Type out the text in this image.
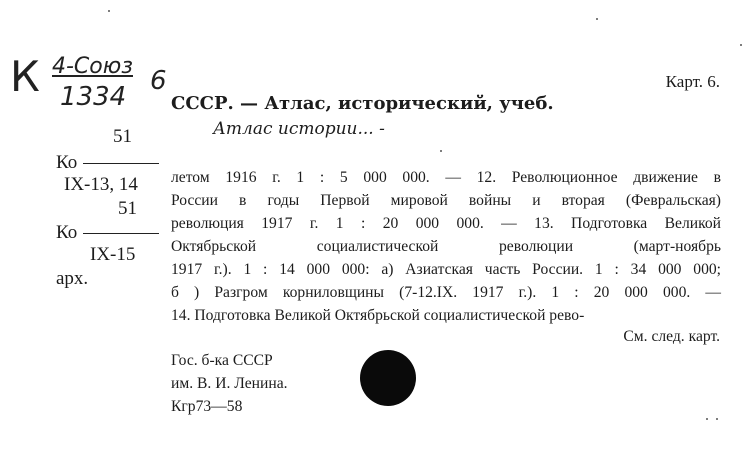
К 4-Союз
1334
6	Карт. 6.
СССР. — Атлас, исторический, учеб.
Атлас истории... -
51
Ко
IX-13, 14
51
Ко
IX-15
арх.
летом 1916 г. 1 : 5 000 000. — 12. Революционное движение в
России в годы Первой мировой войны и вторая (Февральская)
революция 1917 г. 1 : 20 000 000. — 13. Подготовка Великой
Октябрьской социалистической революции (март-ноябрь
1917 г.). 1 : 14 000 000: а) Азиатская часть России. 1 : 34 000 000;
б ) Разгром корниловщины (7-12.IX. 1917 г.). 1 : 20 000 000. —
14. Подготовка Великой Октябрьской социалистической рево-
См. след. карт.
Гос. б-ка СССР
им. В. И. Ленина.
Кгр73—58
